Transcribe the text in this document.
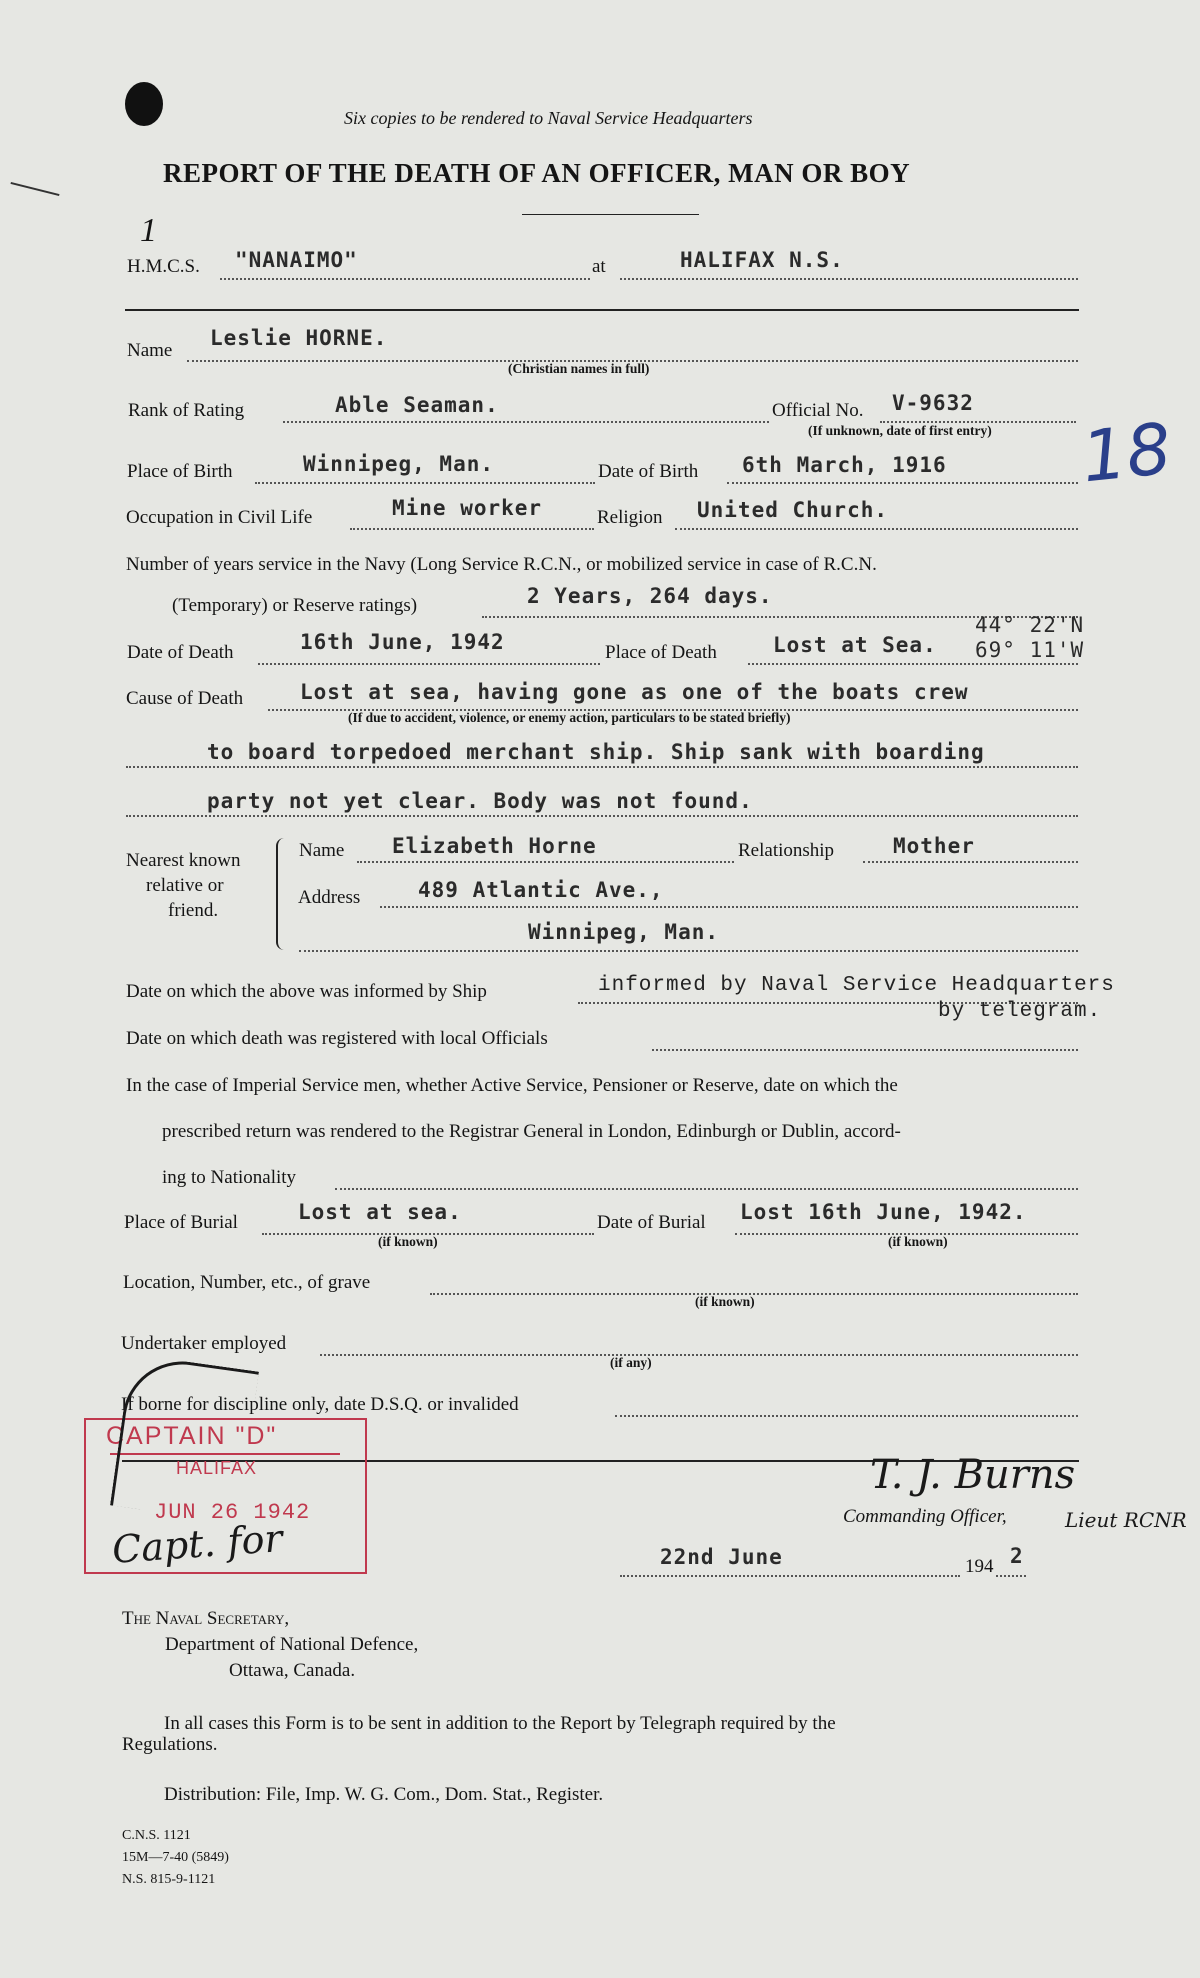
1
Six copies to be rendered to Naval Service Headquarters
REPORT OF THE DEATH OF AN OFFICER, MAN OR BOY
H.M.C.S. "NANAIMO"	at	HALIFAX N.S.
Name
Leslie HORNE.
(Christian names in full)
Rank of Rating	Able Seaman.	Official No. V-9632
(If unknown, date of first entry) 18
Place of Birth	Winnipeg, Man.	Date of Birth 6th March, 1916
Occupation in Civil Life	Mine worker	Religion United Church.
Number of years service in the Navy (Long Service R.C.N., or mobilized service in case of R.C.N.
(Temporary) or Reserve ratings)	2 Years, 264 days.
Date of Death	16th June, 1942	Place of Death	Lost at Sea.
44° 22'N
69° 11'W
Cause of Death	Lost at sea, having gone as one of the boats crew
(If due to accident, violence, or enemy action, particulars to be stated briefly)
to board torpedoed merchant ship. Ship sank with boarding
party not yet clear. Body was not found.
Nearest known
relative or
friend.
Name Elizabeth Horne	Relationship	Mother
Address	489 Atlantic Ave.,
Winnipeg, Man.
Date on which the above was informed by Ship	informed by Naval Service Headquarters
by telegram.
Date on which death was registered with local Officials
In the case of Imperial Service men, whether Active Service, Pensioner or Reserve, date on which the
prescribed return was rendered to the Registrar General in London, Edinburgh or Dublin, accord-
ing to Nationality
Place of Burial	Lost at sea.
(if known)
Date of Burial Lost 16th June, 1942.
(if known)
Location, Number, etc., of grave
(if known)
Undertaker employed
(if any)
If borne for discipline only, date D.S.Q. or invalided
CAPTAIN "D"
HALIFAX
JUN 26 1942
Capt. for
T. J. Burns
Commanding Officer,	Lieut RCNR
22nd June	194 2
The Naval Secretary,
Department of National Defence,
Ottawa, Canada.
In all cases this Form is to be sent in addition to the Report by Telegraph required by the
Regulations.
Distribution: File, Imp. W. G. Com., Dom. Stat., Register.
C.N.S. 1121
15M—7-40 (5849)
N.S. 815-9-1121
